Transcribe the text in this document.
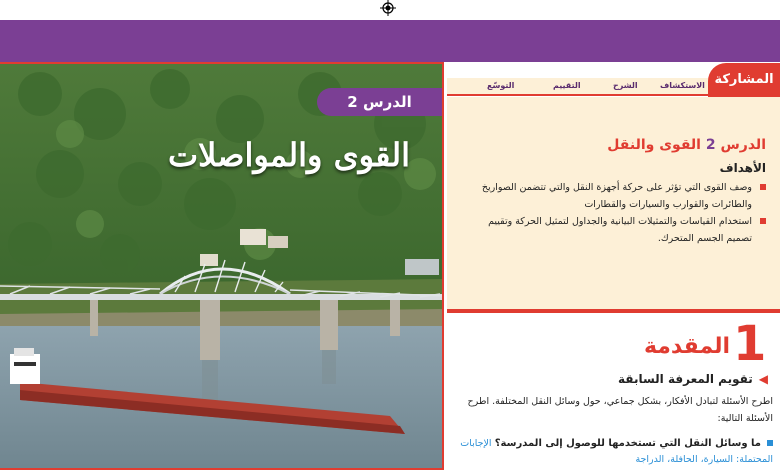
الدرس 2
القوى والمواصلات
المشاركة
الاستكشاف
الشرح
التقييم
التوسّع
الدرس 2 القوى والنقل
الأهداف
وصف القوى التي تؤثر على حركة أجهزة النقل والتي تتضمن الصواريخ والطائرات والقوارب والسيارات والقطارات
استخدام القياسات والتمثيلات البيانية والجداول لتمثيل الحركة وتقييم تصميم الجسم المتحرك.
1
المقدمة
◀تقويم المعرفة السابقة
اطرح الأسئلة لتبادل الأفكار، بشكل جماعي، حول وسائل النقل المختلفة. اطرح الأسئلة التالية:
ما وسائل النقل التي تستخدمها للوصول إلى المدرسة؟ الإجابات المحتملة: السيارة، الحافلة، الدراجة
